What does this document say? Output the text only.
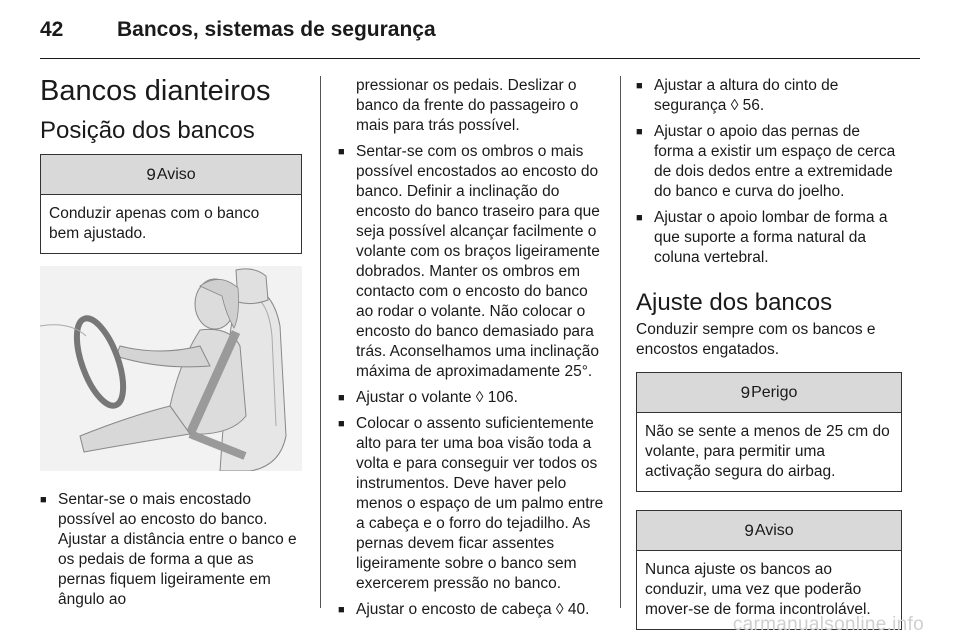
42	Bancos, sistemas de segurança
Bancos dianteiros
Posição dos bancos
9 Aviso
Conduzir apenas com o banco bem ajustado.
■ Sentar-se o mais encostado possível ao encosto do banco. Ajustar a distância entre o banco e os pedais de forma a que as pernas fiquem ligeiramente em ângulo ao
pressionar os pedais. Deslizar o banco da frente do passageiro o mais para trás possível.
■ Sentar-se com os ombros o mais possível encostados ao encosto do banco. Definir a inclinação do encosto do banco traseiro para que seja possível alcançar facilmente o volante com os braços ligeiramente dobrados. Manter os ombros em contacto com o encosto do banco ao rodar o volante. Não colocar o encosto do banco demasiado para trás. Aconselhamos uma inclinação máxima de aproximadamente 25°.
■ Ajustar o volante ◊ 106.
■ Colocar o assento suficientemente alto para ter uma boa visão toda a volta e para conseguir ver todos os instrumentos. Deve haver pelo menos o espaço de um palmo entre a cabeça e o forro do tejadilho. As pernas devem ficar assentes ligeiramente sobre o banco sem exercerem pressão no banco.
■ Ajustar o encosto de cabeça ◊ 40.
■ Ajustar a altura do cinto de segurança ◊ 56.
■ Ajustar o apoio das pernas de forma a existir um espaço de cerca de dois dedos entre a extremidade do banco e curva do joelho.
■ Ajustar o apoio lombar de forma a que suporte a forma natural da coluna vertebral.
Ajuste dos bancos

Conduzir sempre com os bancos e encostos engatados.

9 Perigo
Não se sente a menos de 25 cm do volante, para permitir uma activação segura do airbag.
9 Aviso
Nunca ajuste os bancos ao conduzir, uma vez que poderão mover-se de forma incontrolável.
carmanualsonline.info
